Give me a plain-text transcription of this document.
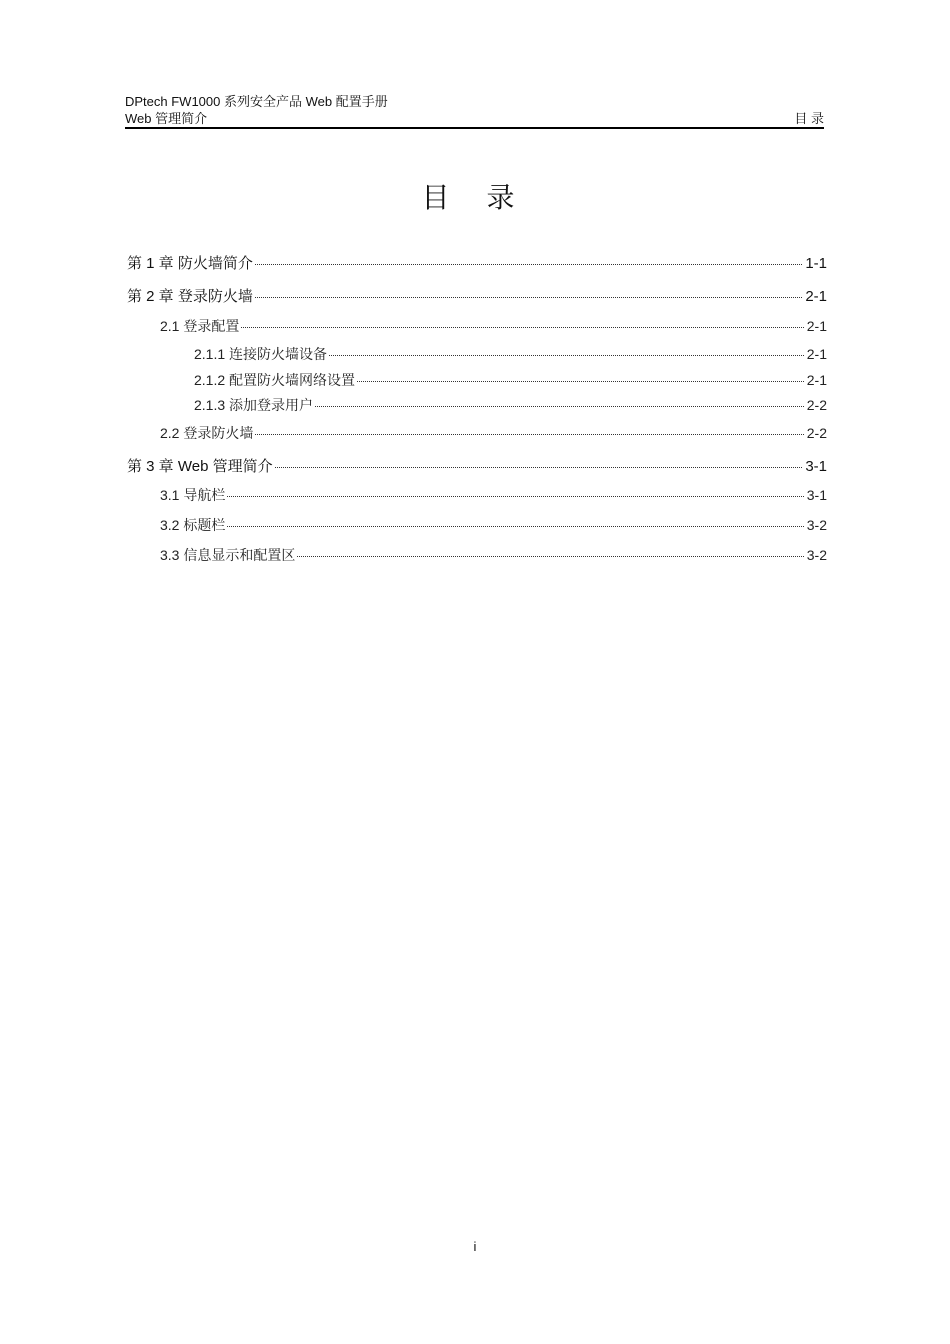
DPtech FW1000 系列安全产品 Web 配置手册
Web 管理简介	目 录
目 录
第 1 章 防火墙简介	1-1
第 2 章 登录防火墙	2-1
2.1 登录配置	2-1
2.1.1 连接防火墙设备	2-1
2.1.2 配置防火墙网络设置	2-1
2.1.3 添加登录用户	2-2
2.2 登录防火墙	2-2
第 3 章 Web 管理简介	3-1
3.1 导航栏	3-1
3.2 标题栏	3-2
3.3 信息显示和配置区	3-2
i
